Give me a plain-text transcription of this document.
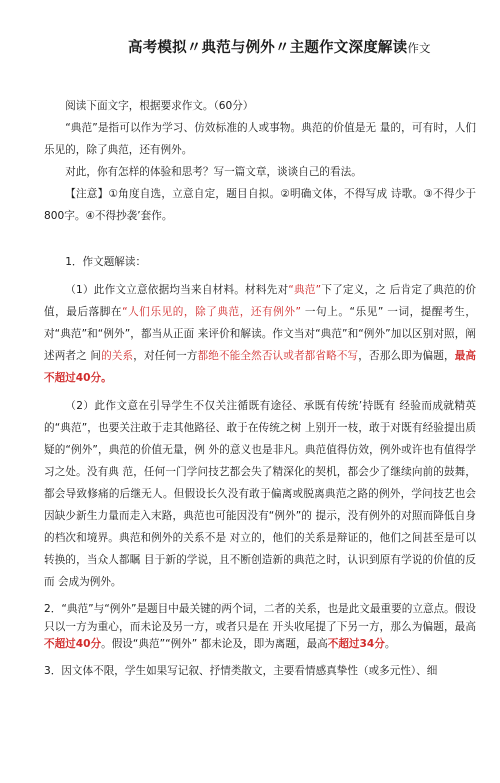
高考模拟〃典范与例外〃主题作文深度解读作文

阅读下面文字，根据要求作文。（60分）

“典范”是指可以作为学习、仿效标准的人或事物。典范的价值是无 量的，可有时，人们乐见的，除了典范，还有例外。

对此，你有怎样的体验和思考？写一篇文章，谈谈自己的看法。

【注意】①角度自选，立意自定，题目自拟。②明确文体，不得写成 诗歌。③不得少于800字。④不得抄袭’套作。

1．作文题解读：

（1）此作文立意依据均当来自材料。材料先对“典范”下了定义，之 后肯定了典范的价值，最后落脚在“人们乐见的，除了典范，还有例外” 一句上。“乐见” 一词，提醒考生，对“典范”和“例外”，都当从正面 来评价和解读。作文当对“典范”和“例外”加以区别对照，阐述两者之 间的关系，对任何一方都绝不能全然否认或者都省略不写，否那么即为偏题，最高不超过40分。

（2）此作文意在引导学生不仅关注循既有途径、承既有传统’持既有 经验而成就精英的“典范”，也要关注敢于走其他路径、敢于在传统之树 上别开一枝，敢于对既有经验提出质疑的“例外”，典范的价值无量，例 外的意义也是非凡。典范值得仿效，例外或许也有值得学习之处。没有典 范，任何一门学问技艺都会失了精深化的契机，都会少了继续向前的鼓舞， 都会导致修痛的后继无人。但假设长久没有敢于偏离或脱离典范之路的例外，学问技艺也会因缺少新生力量而走入末路，典范也可能因没有“例外”的 提示，没有例外的对照而降低自身的档次和境界。典范和例外的关系不是 对立的，他们的关系是辩证的，他们之间甚至是可以转换的，当众人都瞩 目于新的学说，且不断创造新的典范之时，认识到原有学说的价值的反而 会成为例外。

2．“典范”与“例外”是题目中最关键的两个词，二者的关系，也是此文最重要的立意点。假设只以一方为重心，而未论及另一方，或者只是在 开头收尾提了下另一方，那么为偏题，最高不超过40分。假设“典范”“例外” 都未论及，即为离题，最高不超过34分。

3．因文体不限，学生如果写记叙、抒情类散文，主要看情感真挚性（或多元性）、细
